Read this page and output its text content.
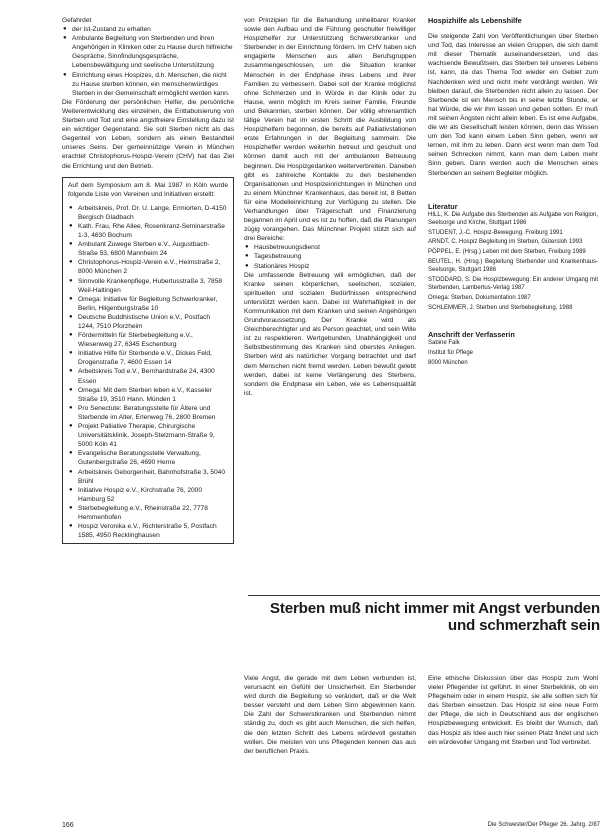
Gefahrdet

● der Ist-Zustand zu erhalten
● Ambulante Begleitung von Sterbenden und ihren Angehörigen in Kliniken oder zu Hause durch hilfreiche Gespräche, Sinnfindungsgespräche, Lebensbewältigung und seelische Unterstützung
● Einrichtung eines Hospizes, d.h. Menschen, die nicht zu Hause sterben können, ein menschenwürdiges Sterben in der Gemeinschaft ermöglicht werden kann.

Die Förderung der persönlichen Helfer, die persönliche Weiterentwicklung des einzelnen, die Enttabuisierung von Sterben und Tod und eine angstfreiere Einstellung dazu ist ein wichtiger Gegenstand. Sie soll Sterben nicht als das Gegenteil von Leben, sondern als einen Bestandteil unseres Seins. Der gemeinnützige Verein in München erachtet Christophorus-Hospiz-Verein (CHV) hat das Ziel die Errichtung und den Betrieb.

Auf dem Symposium am 8. Mai 1987 in Köln wurde folgende Liste von Vereinen und Initiativen erstellt:

● Arbeitskreis, Prof. Dr. U. Lange, Ermiorten, D-4150 Bergisch Gladbach
● Kath. Frau, Rhe Allee, Rosenkranz-Seminarstraße 1-3, 4630 Bochum
● Ambulant Zuwege Sterben e.V., Augustbach-Straße 53, 6800 Mannheim 24
● Christophorus-Hospiz-Verein e.V., Heimstraße 2, 8000 München 2
● Sinnvolle Krankenpflege, Hubertusstraße 3, 7858 Weil-Haltingen
● Omega: Initiative für Begleitung Schwerkranker, Berlin, Hilgenburgstraße 10
● Deutsche Buddhistische Union e.V., Postfach 1244, 7510 Pforzheim
● Fördermitteln für Sterbebegleitung e.V., Wiesenweg 27, 6345 Eschenburg
● Initiative Hilfe für Sterbende e.V., Dickes Feld, Drogenstraße 7, 4600 Essen 14
● Arbeitskreis Tod e.V., Bernhardstraße 24, 4300 Essen
● Omega: Mit dem Sterben leben e.V., Kasseler Straße 19, 3510 Hann. Münden 1
● Pro Senectute: Beratungsstelle für Ältere und Sterbende im Alter, Erlenweg 76, 2800 Bremen
● Projekt Palliative Therapie, Chirurgische Universitätsklinik, Joseph-Stelzmann-Straße 9, 5000 Köln 41
● Evangelische Beratungsstelle Verwaltung, Gutenbergstraße 26, 4690 Herne
● Arbeitskreis Geborgenheit, Bahnhofstraße 3, 5040 Brühl
● Initiative Hospiz e.V., Kirchstraße 76, 2000 Hamburg 52
● Sterbebegleitung e.V., Rheinstraße 22, 7778 Hemmenhofen
● Hospiz Veronika e.V., Richterstraße 5, Postfach 1585, 4950 Recklinghausen

von Prinzipien für die Behandlung unheilbarer Kranker sowie den Aufbau und die Führung geschulter freiwilliger Hospizhelfer zur Unterstützung Schwerstkranker und Sterbender in der Einrichtung fördern. Im CHV haben sich engagierte Menschen aus allen Berufsgruppen zusammengeschlossen, um die Situation kranker Menschen in der Endphase ihres Lebens und ihrer Familien zu verbessern. Dabei soll der Kranke möglichst ohne Schmerzen und in Würde in der Klinik oder zu Hause, wenn möglich im Kreis seiner Familie, Freunde und Bekannten, sterben können. Der völlig ehrenamtlich tätige Verein hat im ersten Schritt die Ausbildung von Hospizhelfern begonnen, die bereits auf Palliativstationen erste Erfahrungen in der Begleitung sammeln. Die Hospizhelfer werden weiterhin betreut und geschult und können damit auch mit der ambulanten Betreuung beginnen. Die Hospizgedanken weiterverbreiten. Daneben gibt es zahlreiche Kontakte zu den bestehenden Organisationen und Hospizeinrichtungen in München und zu einem Münchner Krankenhaus, das bereit ist, 8 Betten für eine Modelleinrichtung zur Verfügung zu stellen. Die Verhandlungen über Trägerschaft und Finanzierung begannen im April und es ist zu hoffen, daß die Planungen zügig vorangehen. Das Münchner Projekt stützt sich auf drei Bereiche:

● Hausbetreuungsdienst
● Tagesbetreuung
● Stationäres Hospiz

Die umfassende Betreuung will ermöglichen, daß der Kranke seinen körperlichen, seelischen, sozialen, spirituellen und sozialen Bedürfnissen entsprechend unterstützt werden kann. Dabei ist Wahrhaftigkeit in der Kommunikation mit dem Kranken und seinen Angehörigen Grundvoraussetzung. Der Kranke wird als Gleichberechtigter und als Person geachtet, und sein Wille ist zu respektieren. Wertgebunden, Unabhängigkeit und Selbstbestimmung des Kranken sind oberstes Anliegen. Sterben wird als natürlicher Vorgang betrachtet und darf dem Menschen nicht fremd werden. Leben bewußt gelebt werden, dabei ist keine Verlängerung des Sterbens, sondern die Endphase ein Leben, wie es Lebensqualität ist.

Hospizhilfe als Lebenshilfe

Die steigende Zahl von Veröffentlichungen über Sterben und Tod, das Interesse an vielen Gruppen, die sich damit mit dieser Thematik auseinandersetzen, und das wachsende Bewußtsein, das Sterben teil unseres Lebens ist, kann, da das Thema Tod wieder ein Gebiet zum Nachdenken wird und nicht mehr verdrängt werden. Wir bleiben darauf, die Sterbenden nicht allein zu lassen. Der Sterbende ist ein Mensch bis in seine letzte Stunde, er hat Würde, die wir ihm lassen und geben sollten. Er muß mit seinen Ängsten nicht allein leben. Es ist eine Aufgabe, die wir als Gesellschaft leisten können, denn das Wissen um den Tod kann einem Leben Sinn geben, wenn wir lernen, mit ihm zu leben. Dann erst wenn man dem Tod seinen Schrecken nimmt, kann man dem Leben mehr Sinn geben. Dann werden auch die Menschen eines Sterbenden an seinem Begleiter möglich.

Literatur

HILL, K. Die Aufgabe des Sterbenden als Aufgabe von Religion, Seelsorge und Kirche, Stuttgart 1986

STUDENT, J.-C. Hospiz-Bewegung. Freiburg 1991

ARNDT, C. Hospiz Begleitung im Sterben, Gütersloh 1993

PÖPPEL, E. (Hrsg.) Leben mit dem Sterben, Freiburg 1989

BEUTEL, H. (Hrsg.) Begleitung Sterbender und Krankenhaus-Seelsorge, Stuttgart 1986

STODDARD, S. Die Hospizbewegung: Ein anderer Umgang mit Sterbenden, Lambertus-Verlag 1987

Omega: Sterben, Dokumentation 1987

SCHLEMMER, J. Sterben und Sterbebegleitung, 1988

Anschrift der Verfasserin

Sabine Falk

Institut für Pflege

8000 München

Sterben muß nicht immer mit Angst verbunden und schmerzhaft sein

Viele Angst, die gerade mit dem Leben verbunden ist, verursacht ein Gefühl der Unsicherheit. Ein Sterbender wird durch die Begleitung so verändert, daß er die Welt besser versteht und dem Leben Sinn abgewinnen kann. Die Zahl der Schwerstkranken und Sterbenden nimmt ständig zu, doch es gibt auch Menschen, die sich helfen, die den letzten Schritt des Lebens würdevoll gestalten wollen. Die meisten von uns Pflegenden kennen das aus der beruflichen Praxis.

Eine ethische Diskussion über das Hospiz zum Wohl vieler Pflegender ist geführt. In einer Sterbeklinik, ob ein Pflegeheim oder in einem Hospiz, sie alle sollten sich für das Sterben einsetzen. Das Hospiz ist eine neue Form der Pflege, die sich in Deutschland aus der englischen Hospizbewegung entwickelt. Es bleibt der Wunsch, daß das Hospiz als Idee auch hier seinen Platz findet und sich ein würdevoller Umgang mit Sterben und Tod verbreitet.

166	Die Schwester/Der Pfleger 26. Jahrg. 2/87
